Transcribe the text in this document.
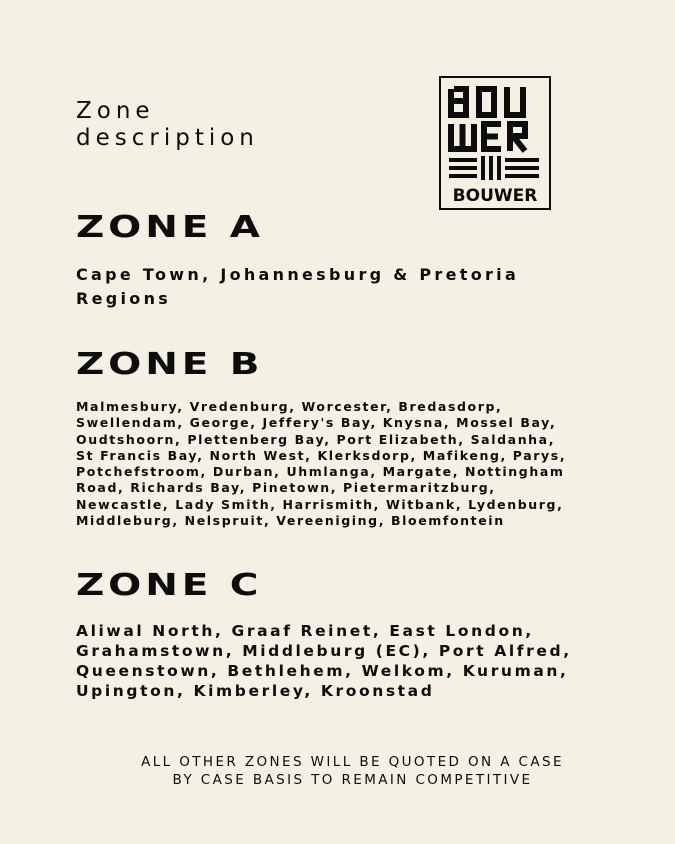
Zone
description
BOUWER
ZONE A

Cape Town, Johannesburg & Pretoria
Regions

ZONE B

Malmesbury, Vredenburg, Worcester, Bredasdorp,
Swellendam, George, Jeffery's Bay, Knysna, Mossel Bay,
Oudtshoorn, Plettenberg Bay, Port Elizabeth, Saldanha,
St Francis Bay, North West, Klerksdorp, Mafikeng, Parys,
Potchefstroom, Durban, Uhmlanga, Margate, Nottingham
Road, Richards Bay, Pinetown, Pietermaritzburg,
Newcastle, Lady Smith, Harrismith, Witbank, Lydenburg,
Middleburg, Nelspruit, Vereeniging, Bloemfontein

ZONE C

Aliwal North, Graaf Reinet, East London,
Grahamstown, Middleburg (EC), Port Alfred,
Queenstown, Bethlehem, Welkom, Kuruman,
Upington, Kimberley, Kroonstad

ALL OTHER ZONES WILL BE QUOTED ON A CASE
BY CASE BASIS TO REMAIN COMPETITIVE
